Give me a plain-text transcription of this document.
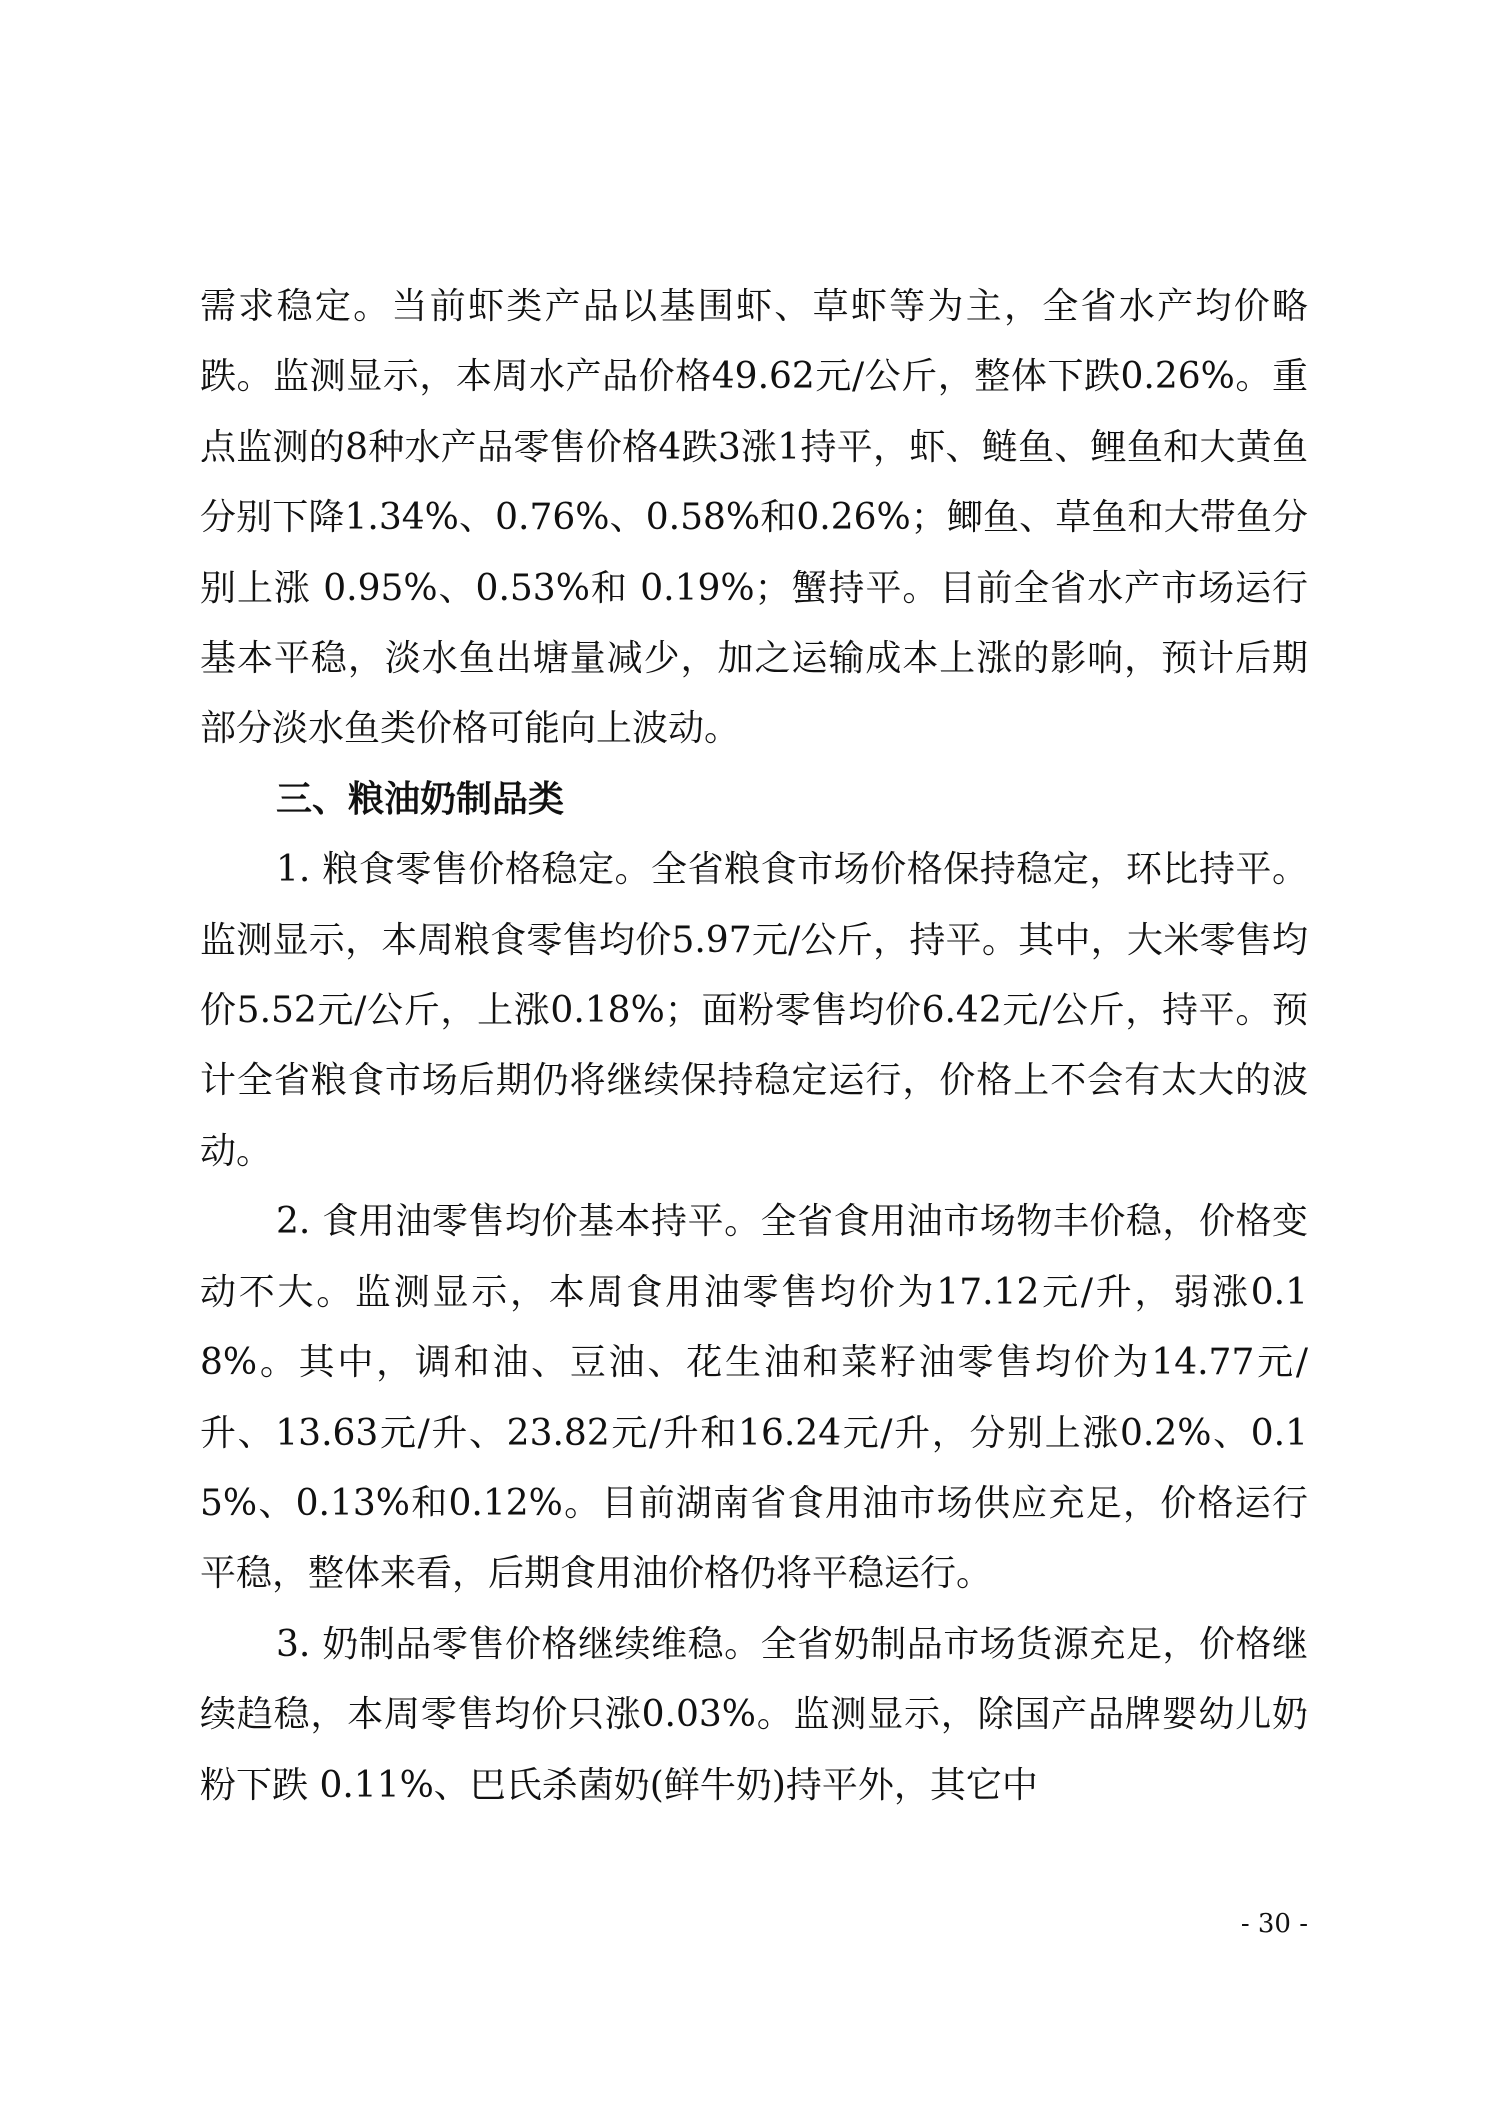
需求稳定。当前虾类产品以基围虾、草虾等为主，全省水产均价略跌。监测显示，本周水产品价格49.62元/公斤，整体下跌0.26%。重点监测的8种水产品零售价格4跌3涨1持平，虾、鲢鱼、鲤鱼和大黄鱼分别下降1.34%、0.76%、0.58%和0.26%；鲫鱼、草鱼和大带鱼分别上涨 0.95%、0.53%和 0.19%；蟹持平。目前全省水产市场运行基本平稳，淡水鱼出塘量减少，加之运输成本上涨的影响，预计后期部分淡水鱼类价格可能向上波动。

三、粮油奶制品类

1. 粮食零售价格稳定。全省粮食市场价格保持稳定，环比持平。监测显示，本周粮食零售均价5.97元/公斤，持平。其中，大米零售均价5.52元/公斤，上涨0.18%；面粉零售均价6.42元/公斤，持平。预计全省粮食市场后期仍将继续保持稳定运行，价格上不会有太大的波动。

2. 食用油零售均价基本持平。全省食用油市场物丰价稳，价格变动不大。监测显示，本周食用油零售均价为17.12元/升，弱涨0.18%。其中，调和油、豆油、花生油和菜籽油零售均价为14.77元/升、13.63元/升、23.82元/升和16.24元/升，分别上涨0.2%、0.15%、0.13%和0.12%。目前湖南省食用油市场供应充足，价格运行平稳，整体来看，后期食用油价格仍将平稳运行。

3. 奶制品零售价格继续维稳。全省奶制品市场货源充足，价格继续趋稳，本周零售均价只涨0.03%。监测显示，除国产品牌婴幼儿奶粉下跌 0.11%、巴氏杀菌奶(鲜牛奶)持平外，其它中

- 30 -
